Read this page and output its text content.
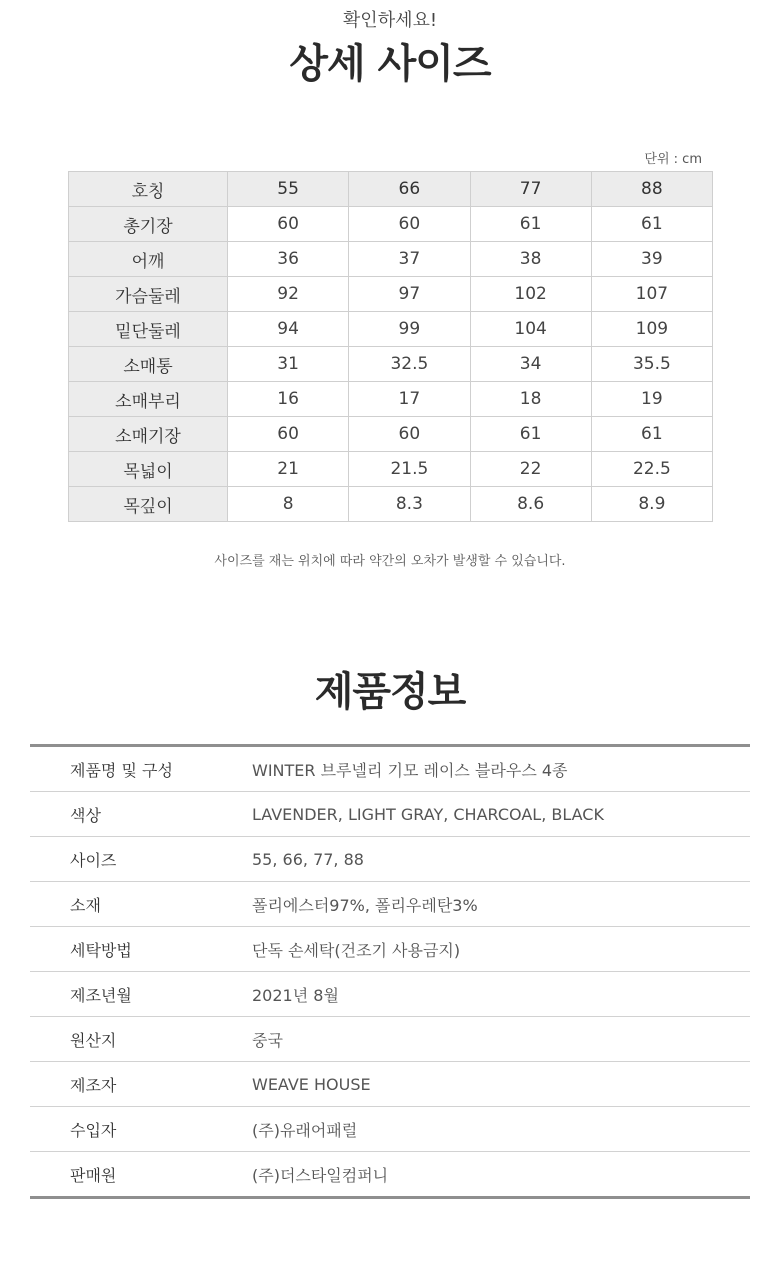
확인하세요!
상세 사이즈
단위 : cm
호칭	55	66	77	88
총기장	60	60	61	61
어깨	36	37	38	39
가슴둘레	92	97	102	107
밑단둘레	94	99	104	109
소매통	31	32.5	34	35.5
소매부리	16	17	18	19
소매기장	60	60	61	61
목넓이	21	21.5	22	22.5
목깊이	8	8.3	8.6	8.9
사이즈를 재는 위치에 따라 약간의 오차가 발생할 수 있습니다.
제품정보
제품명 및 구성	WINTER 브루넬리 기모 레이스 블라우스 4종
색상	LAVENDER, LIGHT GRAY, CHARCOAL, BLACK
사이즈	55, 66, 77, 88
소재	폴리에스터97%, 폴리우레탄3%
세탁방법	단독 손세탁(건조기 사용금지)
제조년월	2021년 8월
원산지	중국
제조자	WEAVE HOUSE
수입자	(주)유래어패럴
판매원	(주)더스타일컴퍼니
